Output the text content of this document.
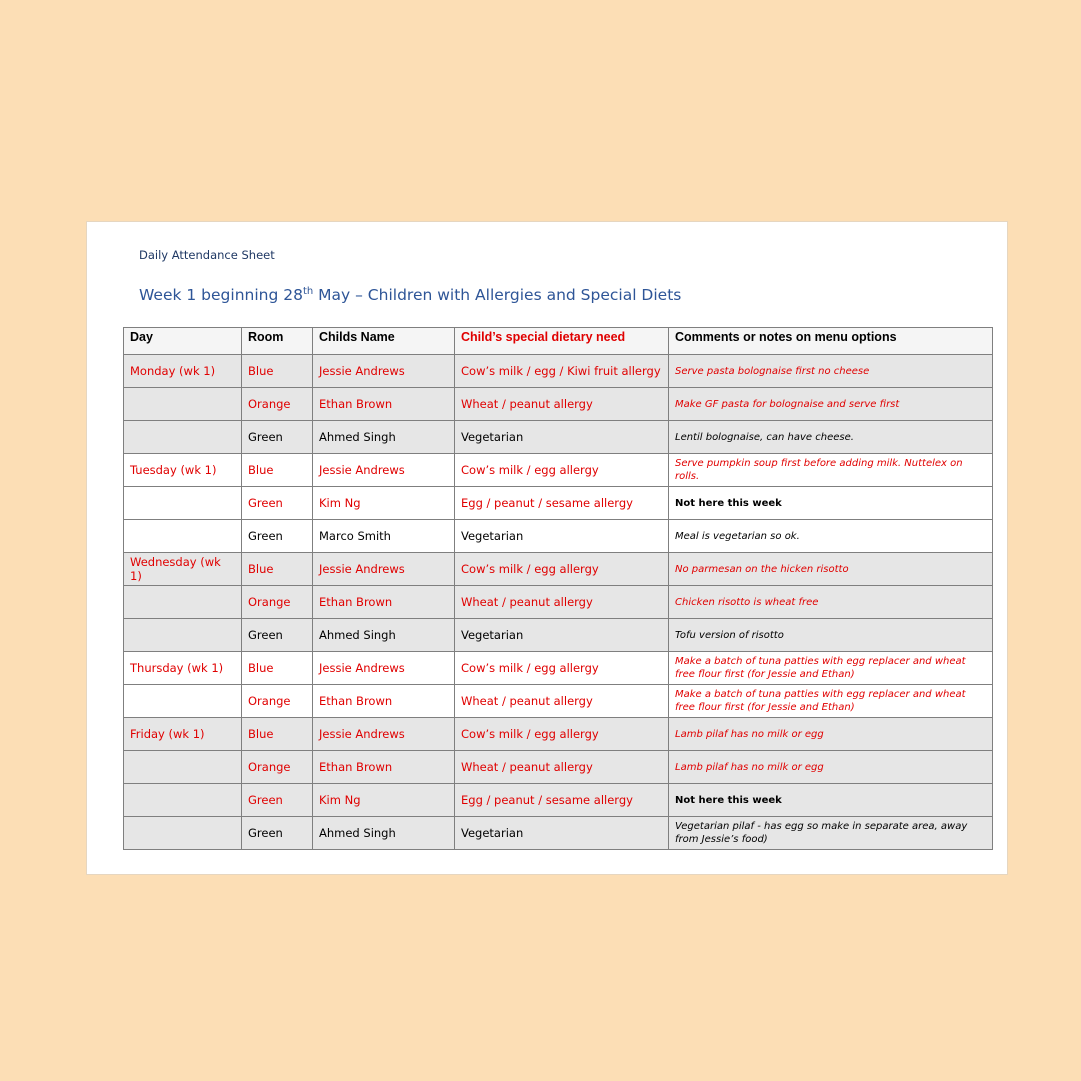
Daily Attendance Sheet
Week 1 beginning 28th May – Children with Allergies and Special Diets
Day	Room	Childs Name	Child’s special dietary need	Comments or notes on menu options
Monday (wk 1)	Blue	Jessie Andrews	Cow’s milk / egg / Kiwi fruit allergy	Serve pasta bolognaise first no cheese
	Orange	Ethan Brown	Wheat / peanut allergy	Make GF pasta for bolognaise and serve first
	Green	Ahmed Singh	Vegetarian	Lentil bolognaise, can have cheese.
Tuesday (wk 1)	Blue	Jessie Andrews	Cow’s milk / egg allergy	Serve pumpkin soup first before adding milk. Nuttelex on rolls.
	Green	Kim Ng	Egg / peanut / sesame allergy	Not here this week
	Green	Marco Smith	Vegetarian	Meal is vegetarian so ok.
Wednesday (wk 1)	Blue	Jessie Andrews	Cow’s milk / egg allergy	No parmesan on the hicken risotto
	Orange	Ethan Brown	Wheat / peanut allergy	Chicken risotto is wheat free
	Green	Ahmed Singh	Vegetarian	Tofu version of risotto
Thursday (wk 1)	Blue	Jessie Andrews	Cow’s milk / egg allergy	Make a batch of tuna patties with egg replacer and wheat free flour first (for Jessie and Ethan)
	Orange	Ethan Brown	Wheat / peanut allergy	Make a batch of tuna patties with egg replacer and wheat free flour first (for Jessie and Ethan)
Friday (wk 1)	Blue	Jessie Andrews	Cow’s milk / egg allergy	Lamb pilaf has no milk or egg
	Orange	Ethan Brown	Wheat / peanut allergy	Lamb pilaf has no milk or egg
	Green	Kim Ng	Egg / peanut / sesame allergy	Not here this week
	Green	Ahmed Singh	Vegetarian	Vegetarian pilaf - has egg so make in separate area, away from Jessie’s food)
